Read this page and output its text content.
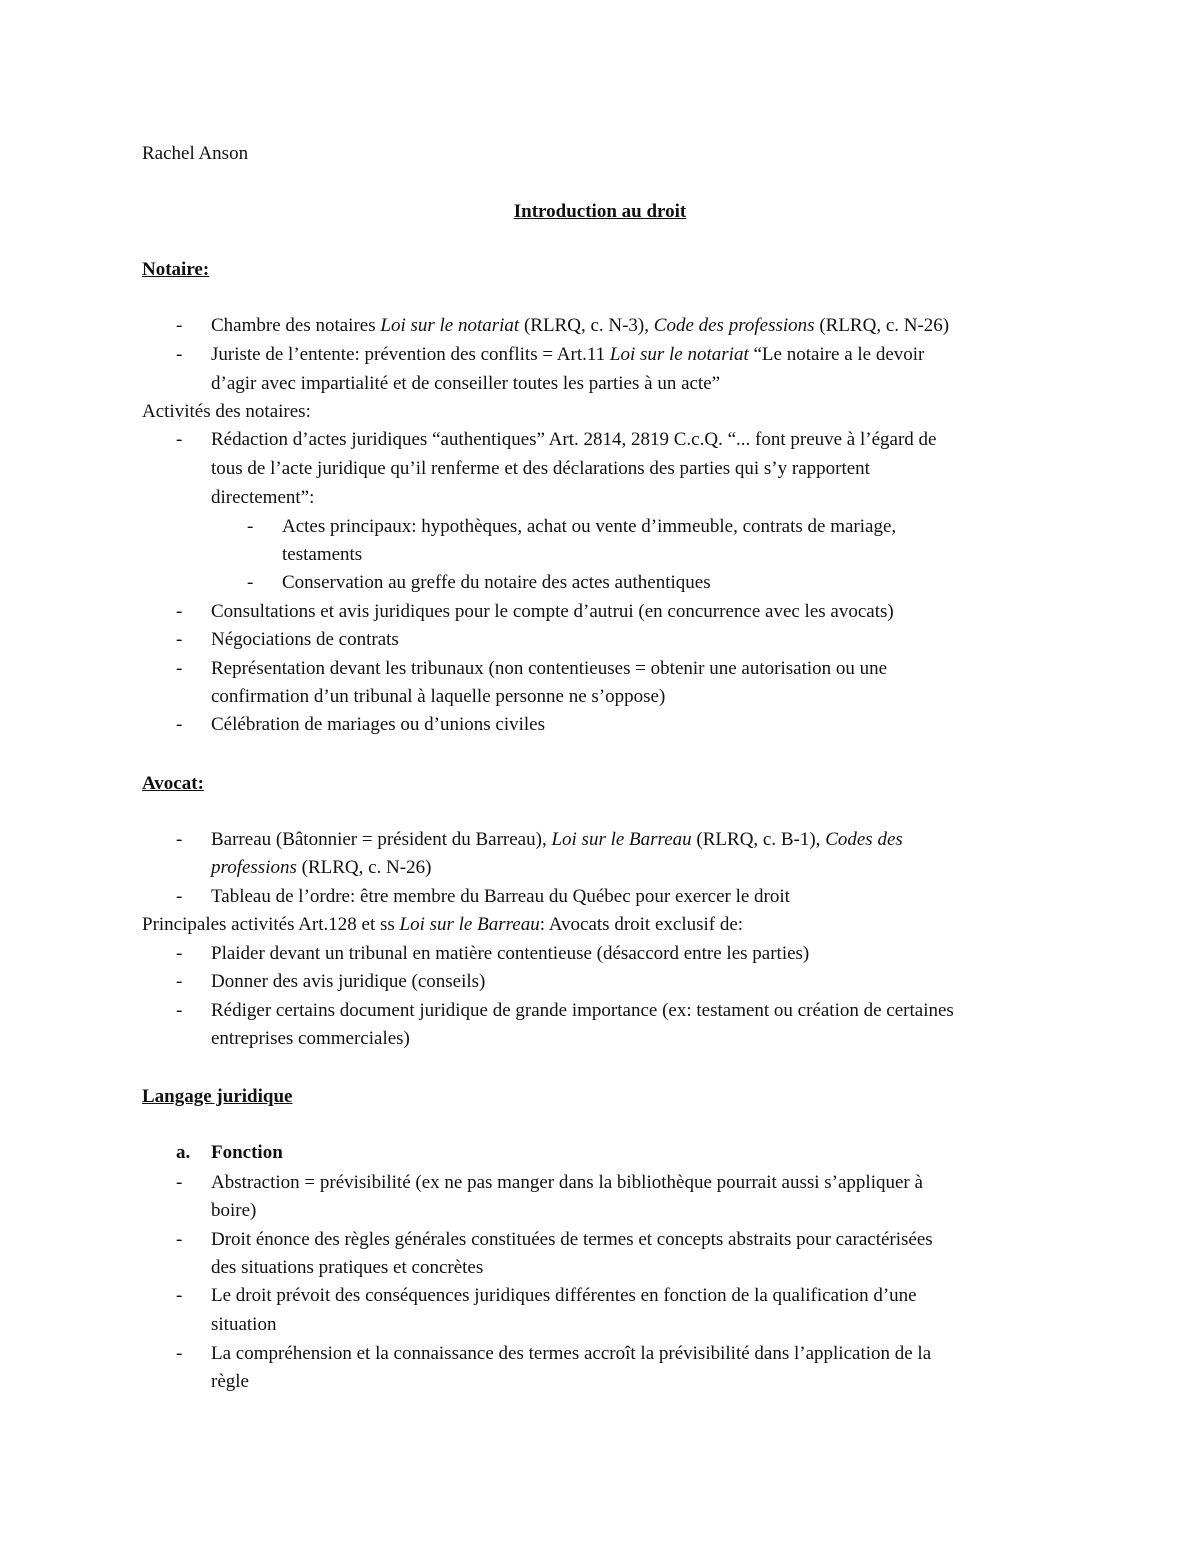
Rachel Anson
Introduction au droit
Notaire:
- Chambre des notaires Loi sur le notariat (RLRQ, c. N-3), Code des professions (RLRQ, c. N-26)
- Juriste de l’entente: prévention des conflits = Art.11 Loi sur le notariat “Le notaire a le devoir
d’agir avec impartialité et de conseiller toutes les parties à un acte”
Activités des notaires:
- Rédaction d’actes juridiques “authentiques” Art. 2814, 2819 C.c.Q. “... font preuve à l’égard de
tous de l’acte juridique qu’il renferme et des déclarations des parties qui s’y rapportent
directement”:
- Actes principaux: hypothèques, achat ou vente d’immeuble, contrats de mariage,
testaments
- Conservation au greffe du notaire des actes authentiques
- Consultations et avis juridiques pour le compte d’autrui (en concurrence avec les avocats)
- Négociations de contrats
- Représentation devant les tribunaux (non contentieuses = obtenir une autorisation ou une
confirmation d’un tribunal à laquelle personne ne s’oppose)
- Célébration de mariages ou d’unions civiles
Avocat:
- Barreau (Bâtonnier = président du Barreau), Loi sur le Barreau (RLRQ, c. B-1), Codes des
professions (RLRQ, c. N-26)
- Tableau de l’ordre: être membre du Barreau du Québec pour exercer le droit
Principales activités Art.128 et ss Loi sur le Barreau: Avocats droit exclusif de:
- Plaider devant un tribunal en matière contentieuse (désaccord entre les parties)
- Donner des avis juridique (conseils)
- Rédiger certains document juridique de grande importance (ex: testament ou création de certaines
entreprises commerciales)
Langage juridique
a. Fonction
- Abstraction = prévisibilité (ex ne pas manger dans la bibliothèque pourrait aussi s’appliquer à
boire)
- Droit énonce des règles générales constituées de termes et concepts abstraits pour caractérisées
des situations pratiques et concrètes
- Le droit prévoit des conséquences juridiques différentes en fonction de la qualification d’une
situation
- La compréhension et la connaissance des termes accroît la prévisibilité dans l’application de la
règle
